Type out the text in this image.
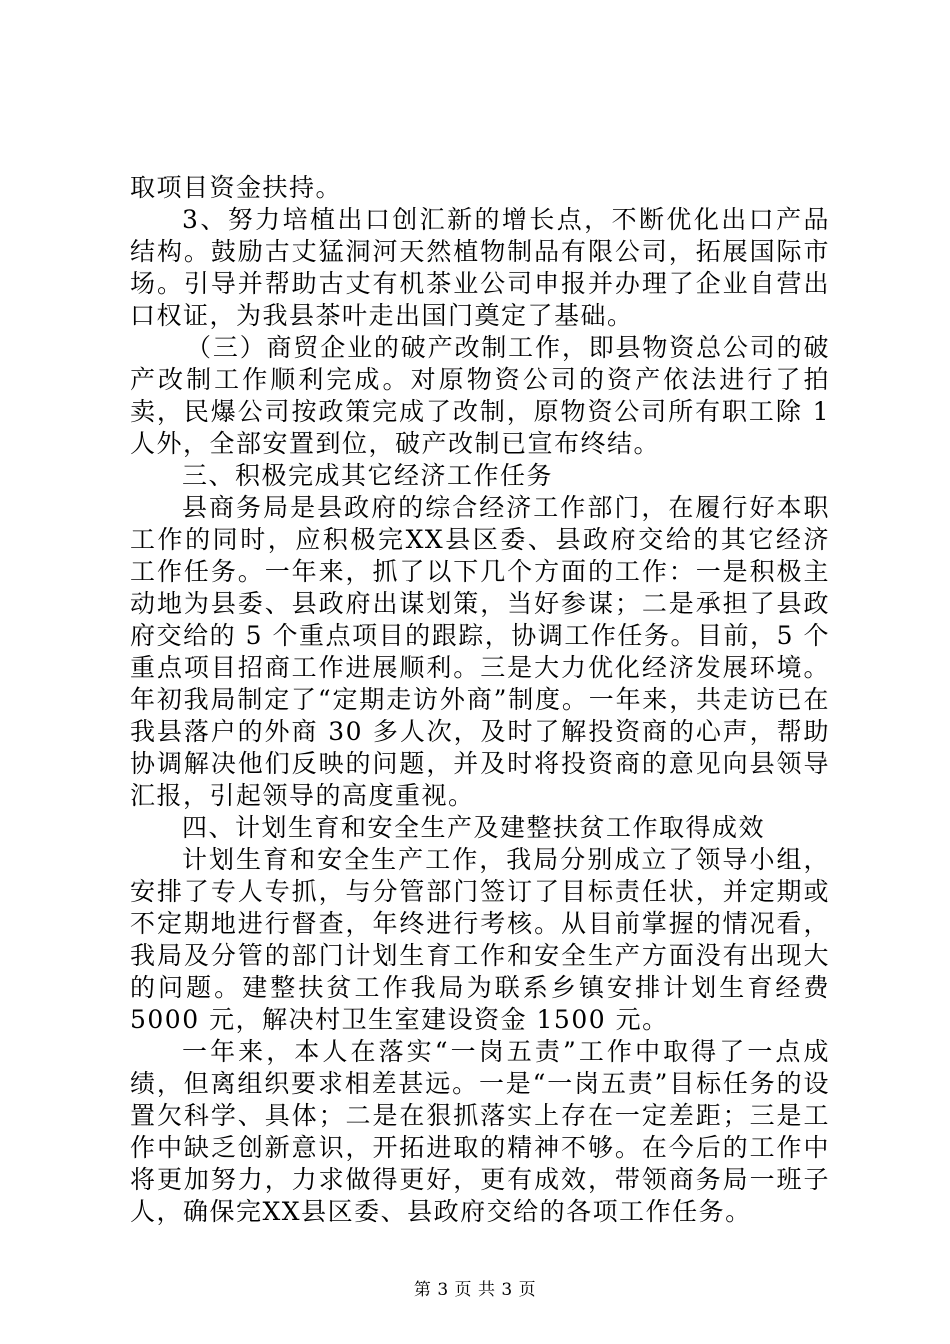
取项目资金扶持。

3、努力培植出口创汇新的增长点，不断优化出口产品结构。鼓励古丈猛洞河天然植物制品有限公司，拓展国际市场。引导并帮助古丈有机茶业公司申报并办理了企业自营出口权证，为我县茶叶走出国门奠定了基础。

（三）商贸企业的破产改制工作，即县物资总公司的破产改制工作顺利完成。对原物资公司的资产依法进行了拍卖，民爆公司按政策完成了改制，原物资公司所有职工除 1 人外，全部安置到位，破产改制已宣布终结。

三、积极完成其它经济工作任务

县商务局是县政府的综合经济工作部门，在履行好本职工作的同时，应积极完XX县区委、县政府交给的其它经济工作任务。一年来，抓了以下几个方面的工作：一是积极主动地为县委、县政府出谋划策，当好参谋；二是承担了县政府交给的 5 个重点项目的跟踪，协调工作任务。目前，5 个重点项目招商工作进展顺利。三是大力优化经济发展环境。年初我局制定了“定期走访外商”制度。一年来，共走访已在我县落户的外商 30 多人次，及时了解投资商的心声，帮助协调解决他们反映的问题，并及时将投资商的意见向县领导汇报，引起领导的高度重视。

四、计划生育和安全生产及建整扶贫工作取得成效

计划生育和安全生产工作，我局分别成立了领导小组，安排了专人专抓，与分管部门签订了目标责任状，并定期或不定期地进行督查，年终进行考核。从目前掌握的情况看，我局及分管的部门计划生育工作和安全生产方面没有出现大的问题。建整扶贫工作我局为联系乡镇安排计划生育经费 5000 元，解决村卫生室建设资金 1500 元。

一年来，本人在落实“一岗五责”工作中取得了一点成绩，但离组织要求相差甚远。一是“一岗五责”目标任务的设置欠科学、具体；二是在狠抓落实上存在一定差距；三是工作中缺乏创新意识，开拓进取的精神不够。在今后的工作中将更加努力，力求做得更好，更有成效，带领商务局一班子人，确保完XX县区委、县政府交给的各项工作任务。

第 3 页 共 3 页
